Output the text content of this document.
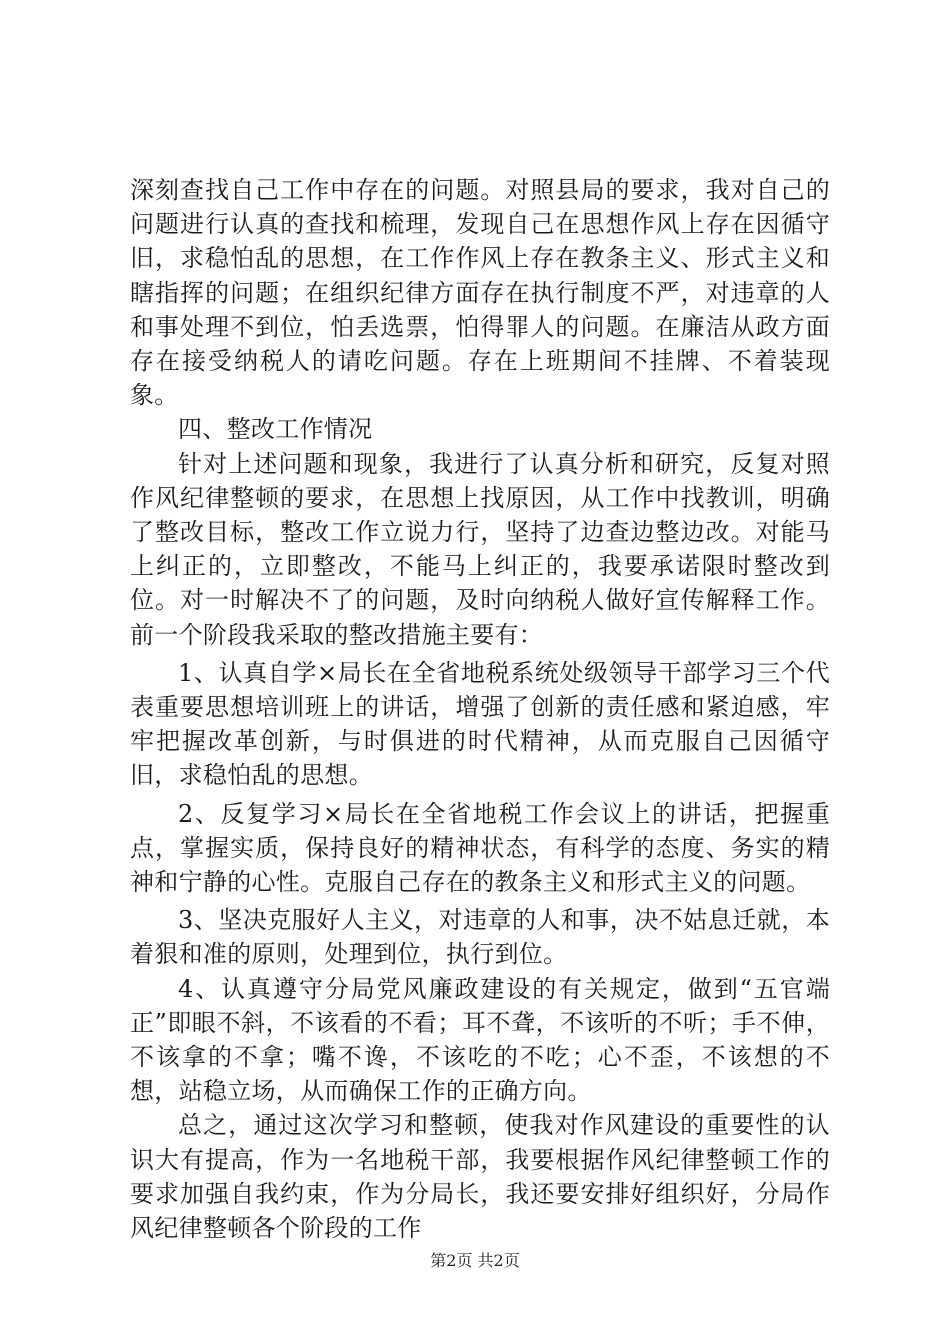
深刻查找自己工作中存在的问题。对照县局的要求，我对自己的问题进行认真的查找和梳理，发现自己在思想作风上存在因循守旧，求稳怕乱的思想，在工作作风上存在教条主义、形式主义和瞎指挥的问题；在组织纪律方面存在执行制度不严，对违章的人和事处理不到位，怕丢选票，怕得罪人的问题。在廉洁从政方面存在接受纳税人的请吃问题。存在上班期间不挂牌、不着装现象。

四、整改工作情况

针对上述问题和现象，我进行了认真分析和研究，反复对照作风纪律整顿的要求，在思想上找原因，从工作中找教训，明确了整改目标，整改工作立说力行，坚持了边查边整边改。对能马上纠正的，立即整改，不能马上纠正的，我要承诺限时整改到位。对一时解决不了的问题，及时向纳税人做好宣传解释工作。前一个阶段我采取的整改措施主要有：

1、认真自学×局长在全省地税系统处级领导干部学习三个代表重要思想培训班上的讲话，增强了创新的责任感和紧迫感，牢牢把握改革创新，与时俱进的时代精神，从而克服自己因循守旧，求稳怕乱的思想。

2、反复学习×局长在全省地税工作会议上的讲话，把握重点，掌握实质，保持良好的精神状态，有科学的态度、务实的精神和宁静的心性。克服自己存在的教条主义和形式主义的问题。

3、坚决克服好人主义，对违章的人和事，决不姑息迁就，本着狠和准的原则，处理到位，执行到位。

4、认真遵守分局党风廉政建设的有关规定，做到“五官端正”即眼不斜，不该看的不看；耳不聋，不该听的不听；手不伸，不该拿的不拿；嘴不谗，不该吃的不吃；心不歪，不该想的不想，站稳立场，从而确保工作的正确方向。

总之，通过这次学习和整顿，使我对作风建设的重要性的认识大有提高，作为一名地税干部，我要根据作风纪律整顿工作的要求加强自我约束，作为分局长，我还要安排好组织好，分局作风纪律整顿各个阶段的工作

第2页 共2页
